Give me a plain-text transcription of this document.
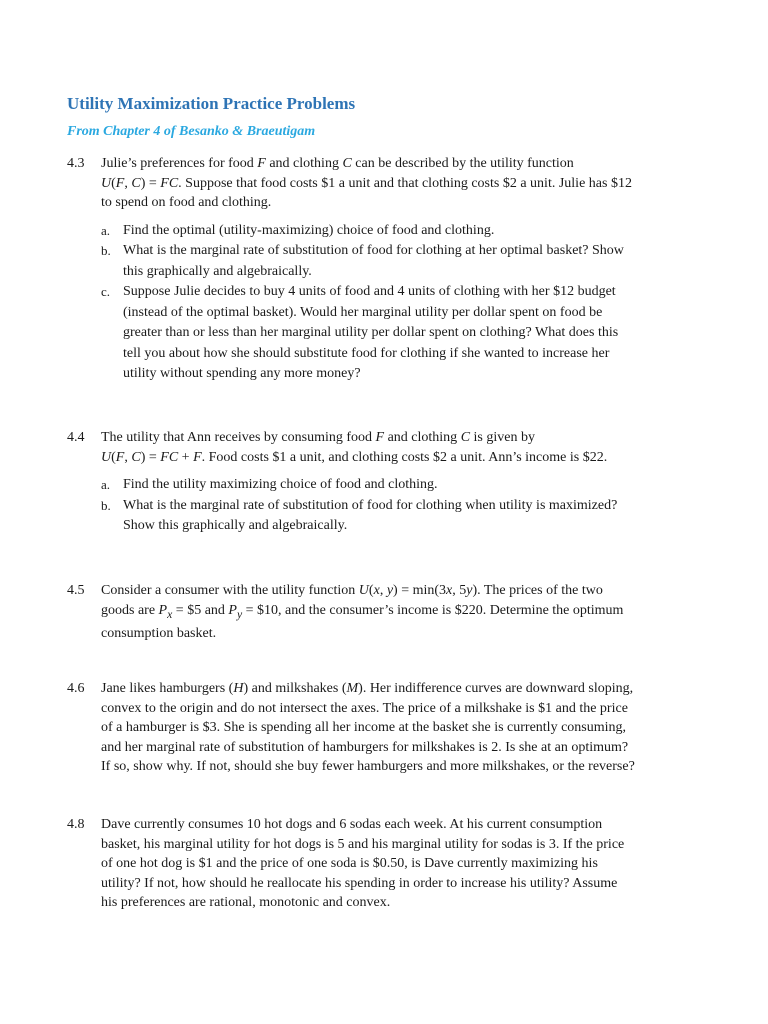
Utility Maximization Practice Problems
From Chapter 4 of Besanko & Braeutigam
4.3 Julie’s preferences for food F and clothing C can be described by the utility function
U(F, C) = FC. Suppose that food costs $1 a unit and that clothing costs $2 a unit. Julie has $12
to spend on food and clothing.
a. Find the optimal (utility-maximizing) choice of food and clothing.
b. What is the marginal rate of substitution of food for clothing at her optimal basket? Show
this graphically and algebraically.
c. Suppose Julie decides to buy 4 units of food and 4 units of clothing with her $12 budget
(instead of the optimal basket). Would her marginal utility per dollar spent on food be
greater than or less than her marginal utility per dollar spent on clothing? What does this
tell you about how she should substitute food for clothing if she wanted to increase her
utility without spending any more money?
4.4 The utility that Ann receives by consuming food F and clothing C is given by
U(F, C) = FC + F. Food costs $1 a unit, and clothing costs $2 a unit. Ann’s income is $22.
a. Find the utility maximizing choice of food and clothing.
b. What is the marginal rate of substitution of food for clothing when utility is maximized?
Show this graphically and algebraically.
4.5 Consider a consumer with the utility function U(x, y) = min(3x, 5y). The prices of the two
goods are $P_x$ = $5 and $P_y$ = $10, and the consumer’s income is $220. Determine the optimum
consumption basket.
4.6 Jane likes hamburgers (H) and milkshakes (M). Her indifference curves are downward sloping,
convex to the origin and do not intersect the axes. The price of a milkshake is $1 and the price
of a hamburger is $3. She is spending all her income at the basket she is currently consuming,
and her marginal rate of substitution of hamburgers for milkshakes is 2. Is she at an optimum?
If so, show why. If not, should she buy fewer hamburgers and more milkshakes, or the reverse?
4.8 Dave currently consumes 10 hot dogs and 6 sodas each week. At his current consumption
basket, his marginal utility for hot dogs is 5 and his marginal utility for sodas is 3. If the price
of one hot dog is $1 and the price of one soda is $0.50, is Dave currently maximizing his
utility? If not, how should he reallocate his spending in order to increase his utility? Assume
his preferences are rational, monotonic and convex.
